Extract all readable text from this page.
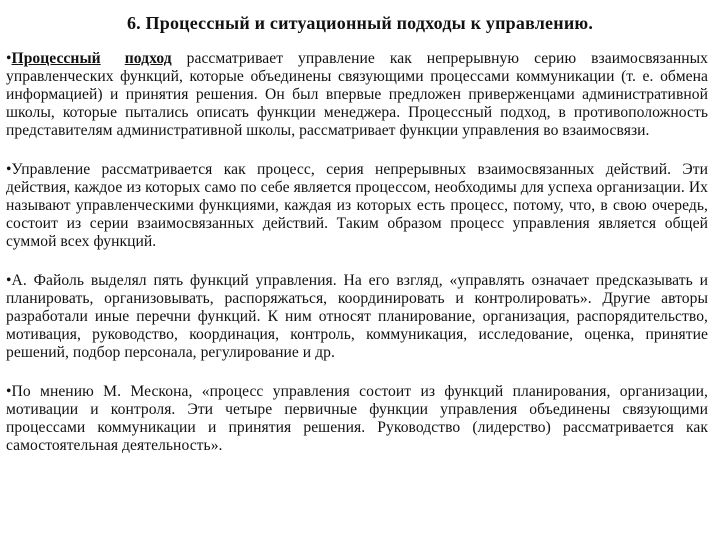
6. Процессный и ситуационный подходы к управлению.

•Процессный подход рассматривает управление как непрерывную серию взаимосвязанных управленческих функций, которые объединены связующими процессами коммуникации (т. е. обмена информацией) и принятия решения. Он был впервые предложен приверженцами административной школы, которые пытались описать функции менеджера. Процессный подход, в противоположность представителям административной школы, рассматривает функции управления во взаимосвязи.

•Управление рассматривается как процесс, серия непрерывных взаимосвязанных действий. Эти действия, каждое из которых само по себе является процессом, необходимы для успеха организации. Их называют управленческими функциями, каждая из которых есть процесс, потому, что, в свою очередь, состоит из серии взаимосвязанных действий. Таким образом процесс управления является общей суммой всех функций.

•А. Файоль выделял пять функций управления. На его взгляд, «управлять означает предсказывать и планировать, организовывать, распоряжаться, координировать и контролировать». Другие авторы разработали иные перечни функций. К ним относят планирование, организация, распорядительство, мотивация, руководство, координация, контроль, коммуникация, исследование, оценка, принятие решений, подбор персонала, регулирование и др.

•По мнению М. Мескона, «процесс управления состоит из функций планирования, организации, мотивации и контроля. Эти четыре первичные функции управления объединены связующими процессами коммуникации и принятия решения. Руководство (лидерство) рассматривается как самостоятельная деятельность».
